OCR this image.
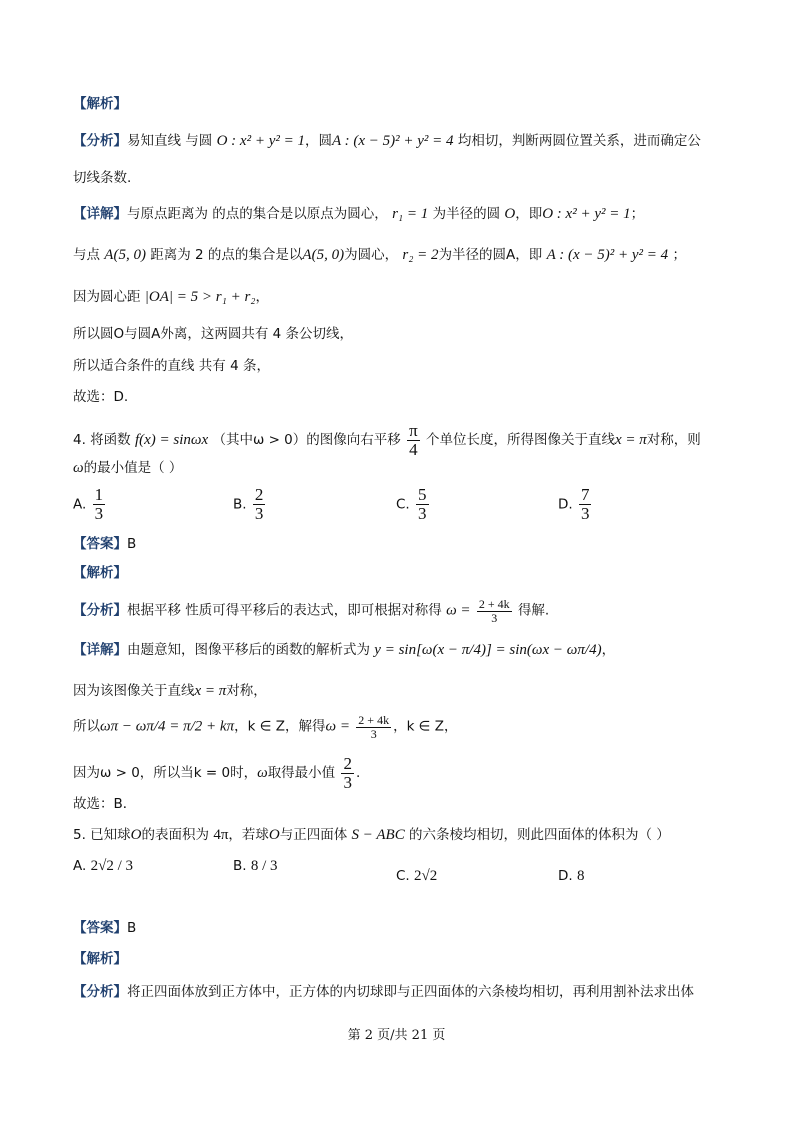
【解析】
【分析】易知直线 与圆 O : x² + y² = 1，圆A : (x − 5)² + y² = 4 均相切，判断两圆位置关系，进而确定公
切线条数.
【详解】与原点距离为 的点的集合是以原点为圆心， r₁ = 1 为半径的圆 O，即O : x² + y² = 1；
与点 A(5, 0) 距离为 2 的点的集合是以A(5, 0)为圆心， r₂ = 2为半径的圆A，即 A : (x − 5)² + y² = 4 ；
因为圆心距 |OA| = 5 > r₁ + r₂，
所以圆O与圆A外离，这两圆共有 4 条公切线，
所以适合条件的直线 共有 4 条，
故选：D.
4. 将函数 f(x) = sinωx （其中ω > 0）的图像向右平移 $\frac{\pi}{4}$ 个单位长度，所得图像关于直线x = π对称，则
ω的最小值是（ ）
A. $\frac{1}{3}$	B. $\frac{2}{3}$	C. $\frac{5}{3}$	D. $\frac{7}{3}$
【答案】B
【解析】
【分析】根据平移 性质可得平移后的表达式，即可根据对称得 $\omega = \frac{2 + 4k}{3}$ 得解.
【详解】由题意知，图像平移后的函数的解析式为 y = sin[ω(x − π/4)] = sin(ωx − ωπ/4)，
因为该图像关于直线x = π对称，
所以ωπ − ωπ/4 = π/2 + kπ，k ∈ Z，解得$\omega = \frac{2 + 4k}{3}$ ，k ∈ Z，
因为ω > 0，所以当k = 0时，ω取得最小值 $\frac{2}{3}$ .
故选：B．
5. 已知球O的表面积为 4π，若球O与正四面体 S − ABC 的六条棱均相切，则此四面体的体积为（ ）
A. 2√2 / 3	B. 8 / 3
C. 2√2	D. 8
【答案】B
【解析】
【分析】将正四面体放到正方体中，正方体的内切球即与正四面体的六条棱均相切，再利用割补法求出体
第 2 页/共 21 页
